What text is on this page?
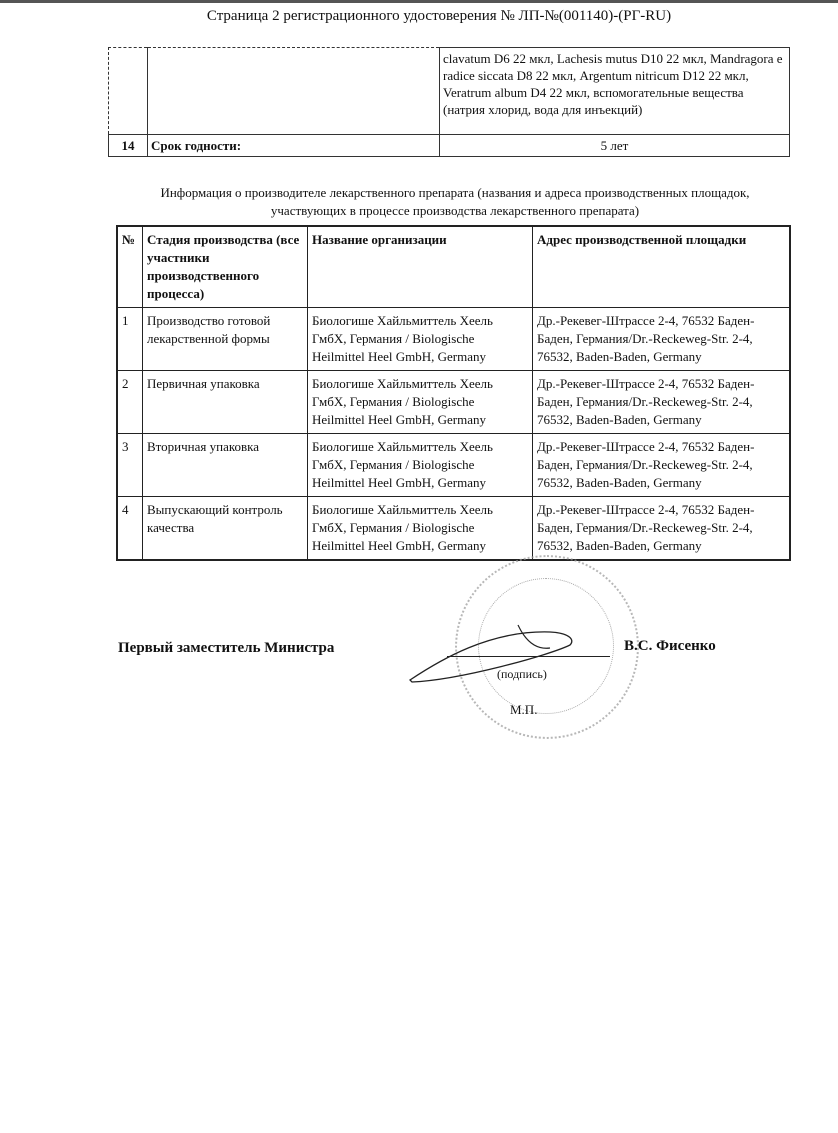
Страница 2 регистрационного удостоверения № ЛП-№(001140)-(РГ-RU)
		clavatum D6 22 мкл, Lachesis mutus D10 22 мкл, Mandragora e radice siccata D8 22 мкл, Argentum nitricum D12 22 мкл, Veratrum album D4 22 мкл, вспомогательные вещества (натрия хлорид, вода для инъекций)
14	Срок годности:	5 лет
Информация о производителе лекарственного препарата (названия и адреса производственных площадок,
участвующих в процессе производства лекарственного препарата)
№	Стадия производства (все участники производственного процесса)	Название организации	Адрес производственной площадки
1	Производство готовой лекарственной формы	Биологише Хайльмиттель Хеель ГмбХ, Германия / Biologische Heilmittel Heel GmbH, Germany	Др.-Рекевег-Штрассе 2-4, 76532 Баден-Баден, Германия/Dr.-Reckeweg-Str. 2-4, 76532, Baden-Baden, Germany
2	Первичная упаковка	Биологише Хайльмиттель Хеель ГмбХ, Германия / Biologische Heilmittel Heel GmbH, Germany	Др.-Рекевег-Штрассе 2-4, 76532 Баден-Баден, Германия/Dr.-Reckeweg-Str. 2-4, 76532, Baden-Baden, Germany
3	Вторичная упаковка	Биологише Хайльмиттель Хеель ГмбХ, Германия / Biologische Heilmittel Heel GmbH, Germany	Др.-Рекевег-Штрассе 2-4, 76532 Баден-Баден, Германия/Dr.-Reckeweg-Str. 2-4, 76532, Baden-Baden, Germany
4	Выпускающий контроль качества	Биологише Хайльмиттель Хеель ГмбХ, Германия / Biologische Heilmittel Heel GmbH, Germany	Др.-Рекевег-Штрассе 2-4, 76532 Баден-Баден, Германия/Dr.-Reckeweg-Str. 2-4, 76532, Baden-Baden, Germany
Первый заместитель Министра	В.С. Фисенко
(подпись)
М.П.
